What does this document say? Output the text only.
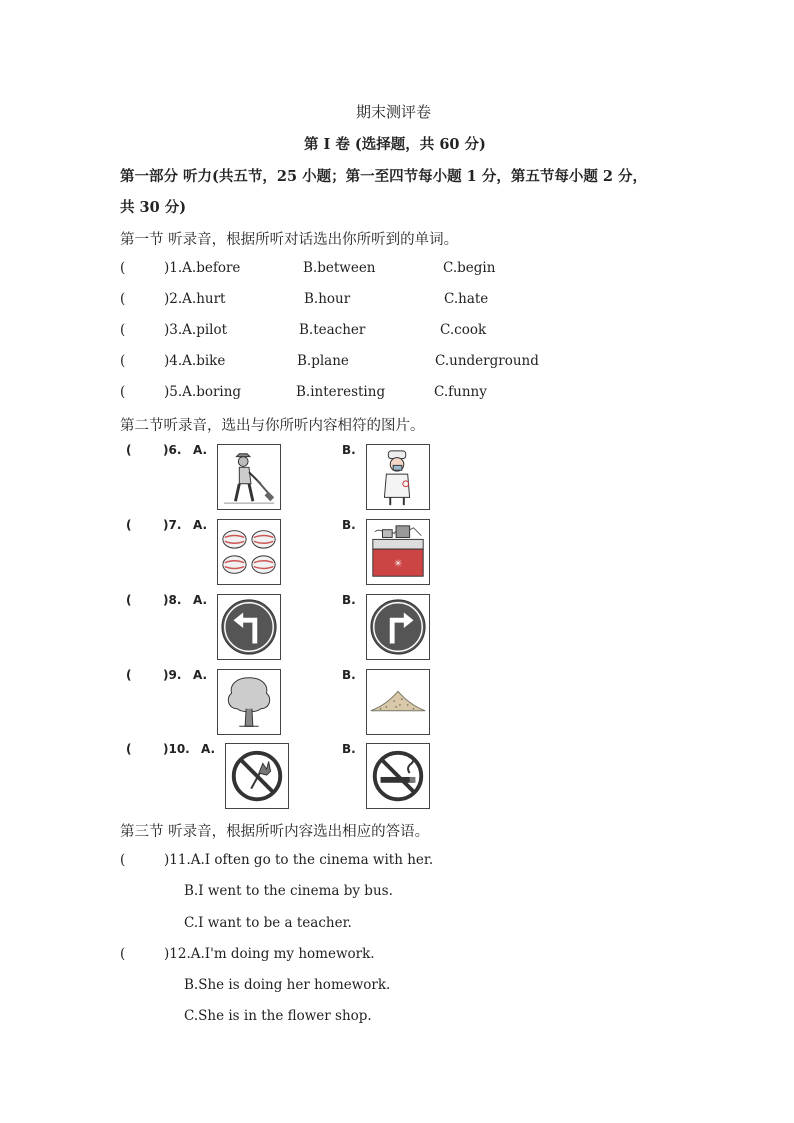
期末测评卷
第 I 卷 (选择题，共 60 分)
第一部分 听力(共五节，25 小题；第一至四节每小题 1 分，第五节每小题 2 分，
共 30 分)
第一节 听录音，根据所听对话选出你所听到的单词。
(	)1.A.before	B.between	C.begin
(	)2.A.hurt	B.hour	C.hate
(	)3.A.pilot	B.teacher	C.cook
(	)4.A.bike	B.plane	C.underground
(	)5.A.boring	B.interesting	C.funny
第二节听录音，选出与你所听内容相符的图片。
(	)6. A.	B.
(	)7. A.	B.
✳
(	)8. A.	B.
(	)9. A.	B.
(	)10. A.	B.
第三节 听录音，根据所听内容选出相应的答语。
(	)11.A.I often go to the cinema with her.
B.I went to the cinema by bus.
C.I want to be a teacher.
(	)12.A.I'm doing my homework.
B.She is doing her homework.
C.She is in the flower shop.
